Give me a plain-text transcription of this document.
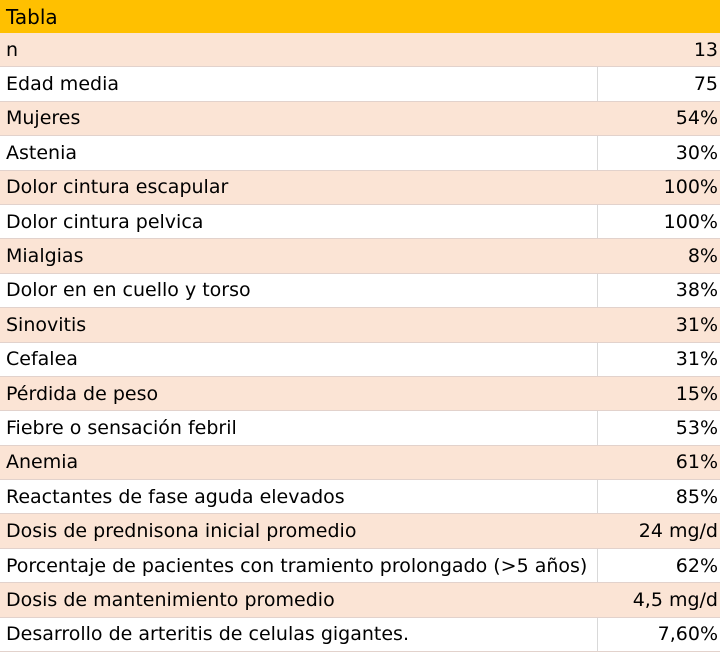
Tabla
n	13
Edad media	75
Mujeres	54%
Astenia	30%
Dolor cintura escapular	100%
Dolor cintura pelvica	100%
Mialgias	8%
Dolor en en cuello y torso	38%
Sinovitis	31%
Cefalea	31%
Pérdida de peso	15%
Fiebre o sensación febril	53%
Anemia	61%
Reactantes de fase aguda elevados	85%
Dosis de prednisona inicial promedio	24 mg/d
Porcentaje de pacientes con tramiento prolongado (>5 años)	62%
Dosis de mantenimiento promedio	4,5 mg/d
Desarrollo de arteritis de celulas gigantes.	7,60%
